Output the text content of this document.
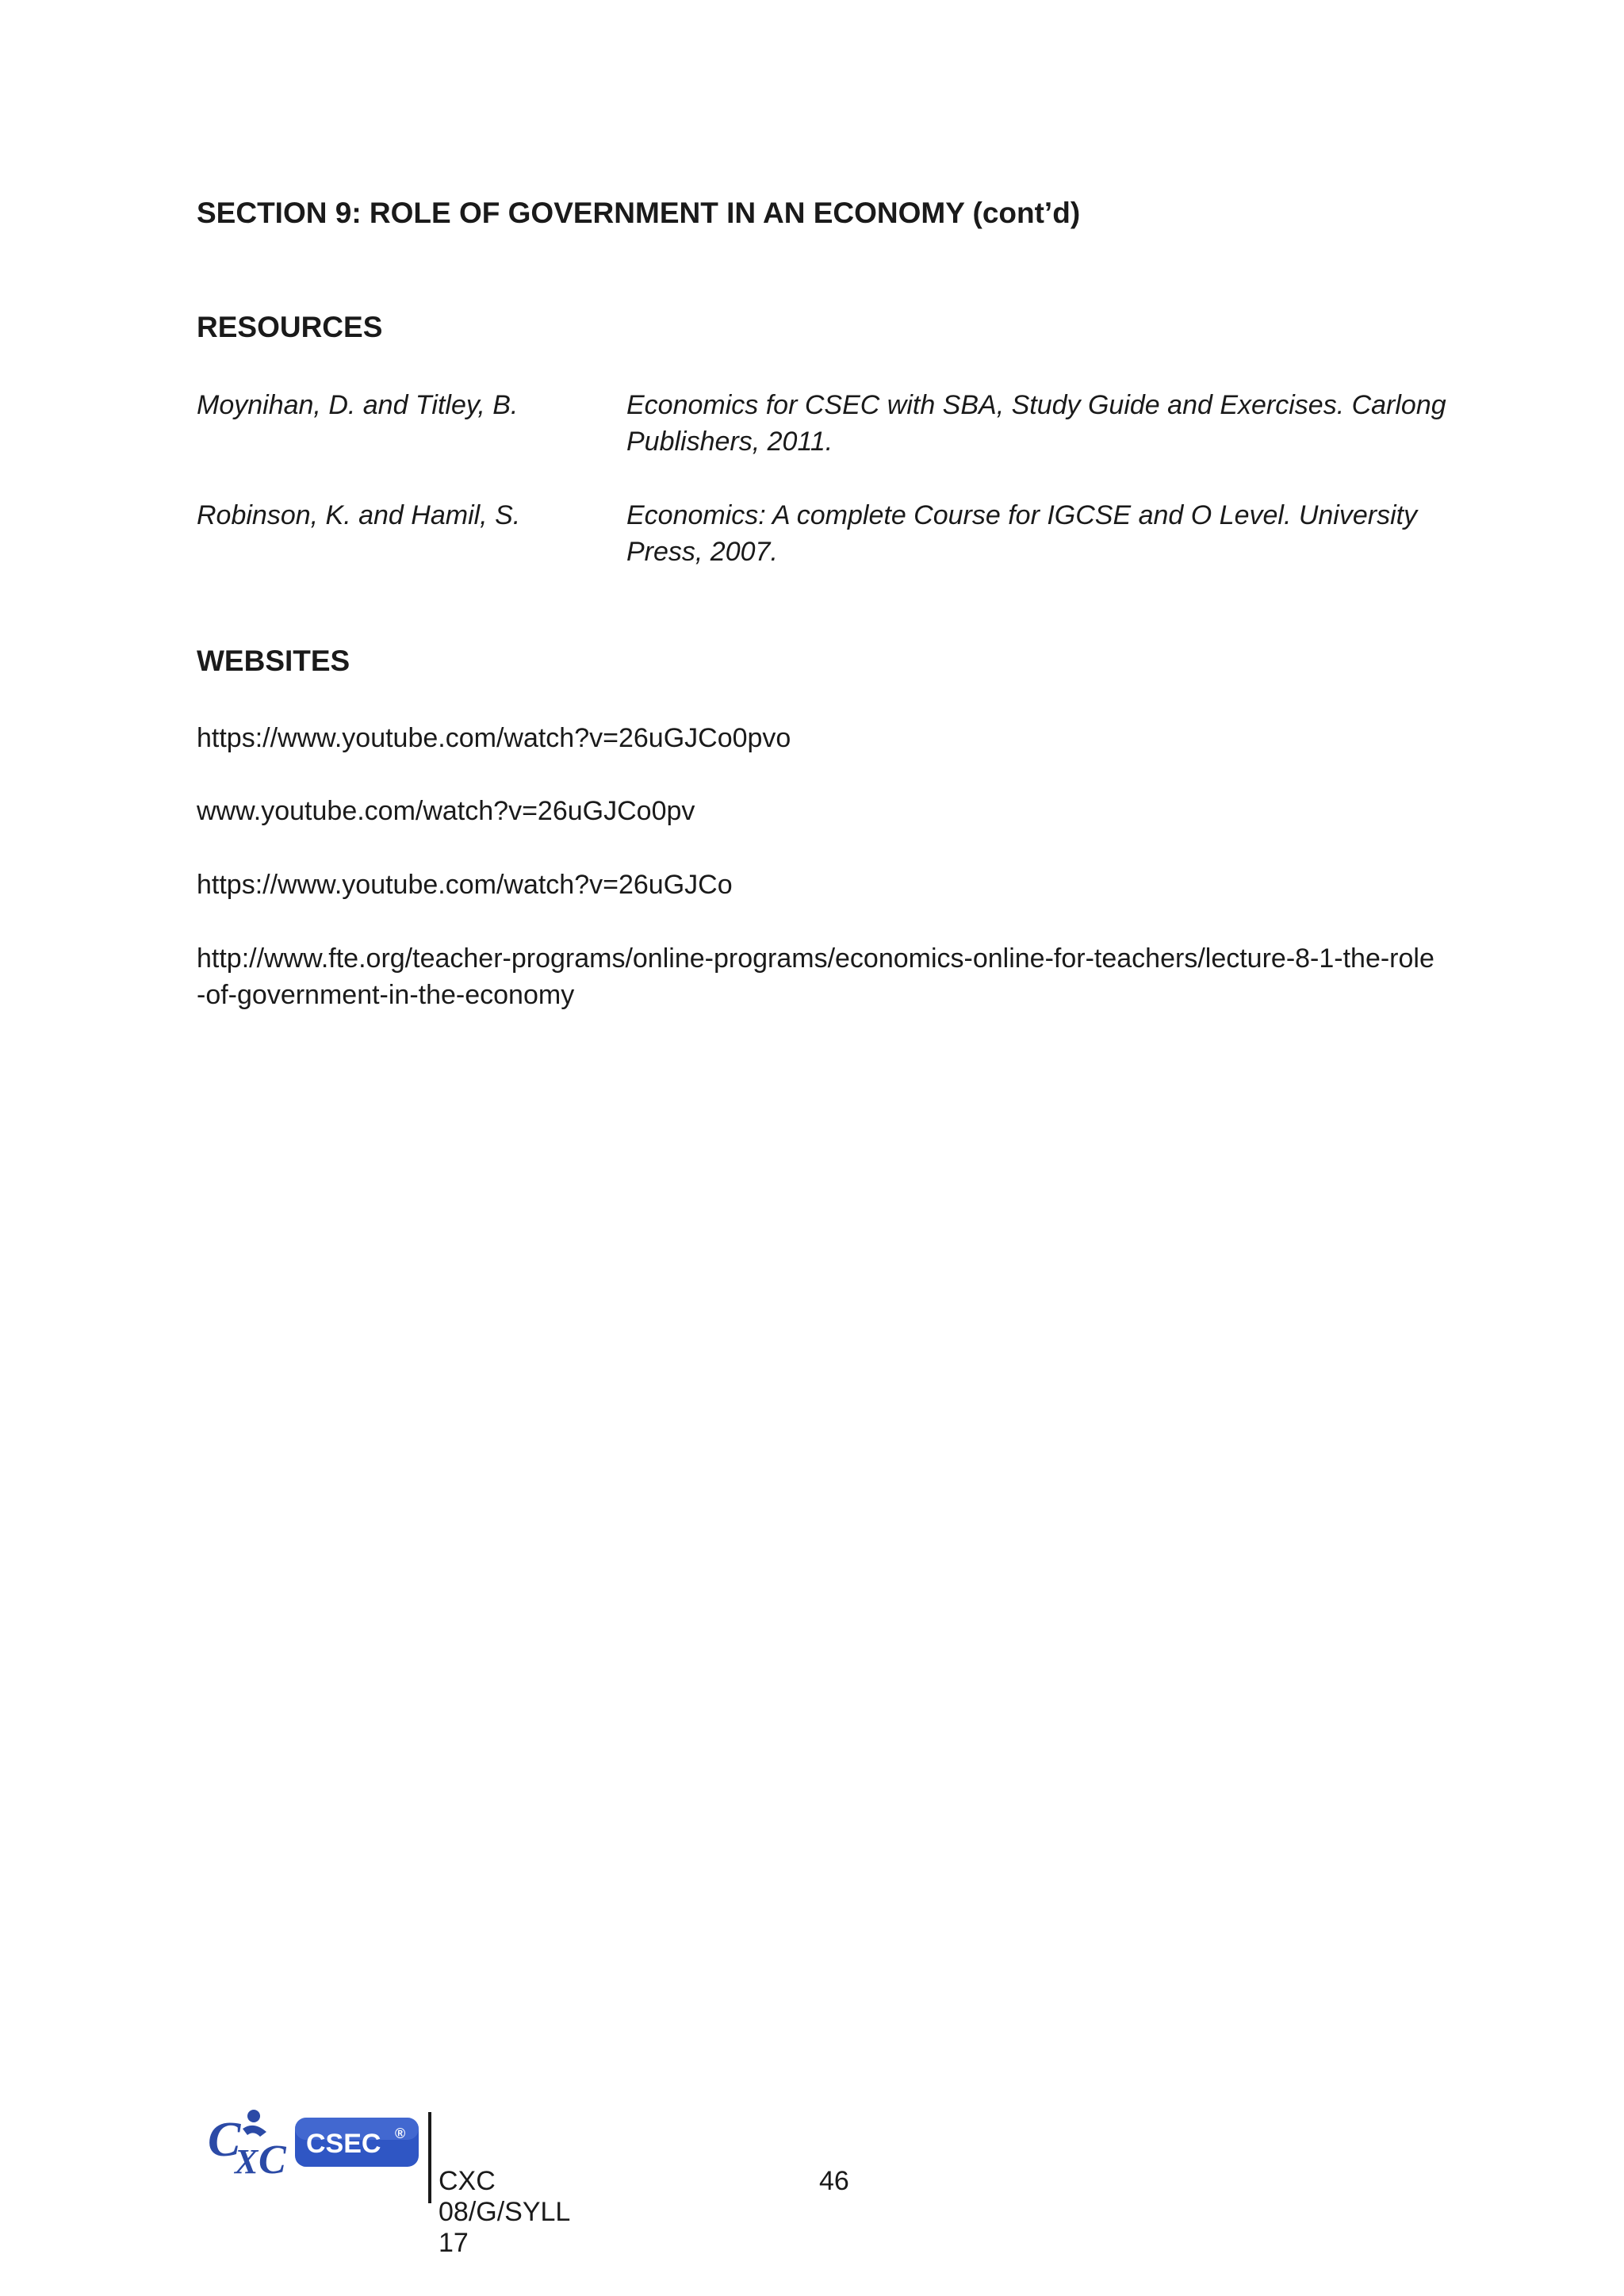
SECTION 9: ROLE OF GOVERNMENT IN AN ECONOMY (cont’d)
RESOURCES
Moynihan, D. and Titley, B.	Economics for CSEC with SBA, Study Guide and Exercises. Carlong Publishers, 2011.
Robinson, K. and Hamil, S.	Economics: A complete Course for IGCSE and O Level. University Press, 2007.
WEBSITES
https://www.youtube.com/watch?v=26uGJCo0pvo
www.youtube.com/watch?v=26uGJCo0pv
https://www.youtube.com/watch?v=26uGJCo
http://www.fte.org/teacher-programs/online-programs/economics-online-for-teachers/lecture-8-1-the-role-of-government-in-the-economy
C
X C CSEC ®
CXC 08/G/SYLL 17
46
